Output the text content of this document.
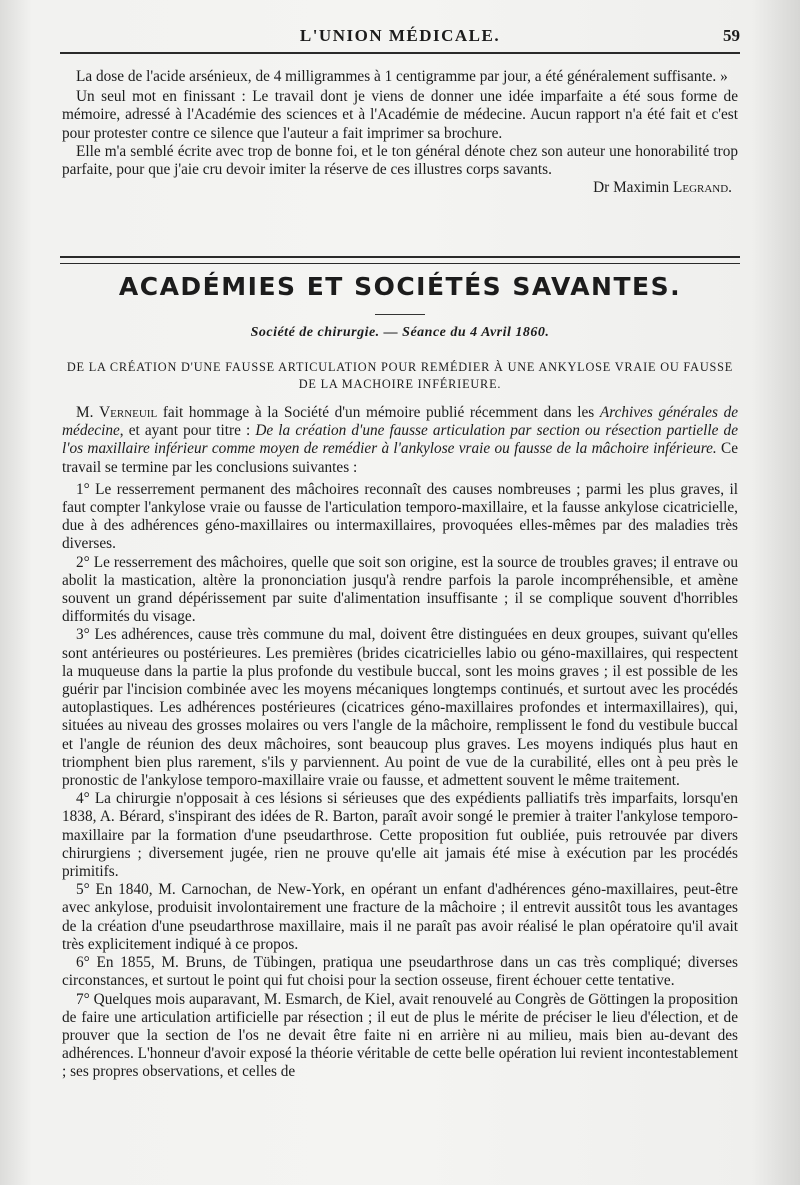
L'UNION MÉDICALE.	59

La dose de l'acide arsénieux, de 4 milligrammes à 1 centigramme par jour, a été généralement suffisante. »

Un seul mot en finissant : Le travail dont je viens de donner une idée imparfaite a été sous forme de mémoire, adressé à l'Académie des sciences et à l'Académie de médecine. Aucun rapport n'a été fait et c'est pour protester contre ce silence que l'auteur a fait imprimer sa brochure.

Elle m'a semblé écrite avec trop de bonne foi, et le ton général dénote chez son auteur une honorabilité trop parfaite, pour que j'aie cru devoir imiter la réserve de ces illustres corps savants.

Dr Maximin Legrand.

ACADÉMIES ET SOCIÉTÉS SAVANTES.

Société de chirurgie. — Séance du 4 Avril 1860.

DE LA CRÉATION D'UNE FAUSSE ARTICULATION POUR REMÉDIER À UNE ANKYLOSE VRAIE OU FAUSSE DE LA MACHOIRE INFÉRIEURE.

M. Verneuil fait hommage à la Société d'un mémoire publié récemment dans les Archives générales de médecine, et ayant pour titre : De la création d'une fausse articulation par section ou résection partielle de l'os maxillaire inférieur comme moyen de remédier à l'ankylose vraie ou fausse de la mâchoire inférieure. Ce travail se termine par les conclusions suivantes :

1° Le resserrement permanent des mâchoires reconnaît des causes nombreuses ; parmi les plus graves, il faut compter l'ankylose vraie ou fausse de l'articulation temporo-maxillaire, et la fausse ankylose cicatricielle, due à des adhérences géno-maxillaires ou intermaxillaires, provoquées elles-mêmes par des maladies très diverses.

2° Le resserrement des mâchoires, quelle que soit son origine, est la source de troubles graves; il entrave ou abolit la mastication, altère la prononciation jusqu'à rendre parfois la parole incompréhensible, et amène souvent un grand dépérissement par suite d'alimentation insuffisante ; il se complique souvent d'horribles difformités du visage.

3° Les adhérences, cause très commune du mal, doivent être distinguées en deux groupes, suivant qu'elles sont antérieures ou postérieures. Les premières (brides cicatricielles labio ou géno-maxillaires, qui respectent la muqueuse dans la partie la plus profonde du vestibule buccal, sont les moins graves ; il est possible de les guérir par l'incision combinée avec les moyens mécaniques longtemps continués, et surtout avec les procédés autoplastiques. Les adhérences postérieures (cicatrices géno-maxillaires profondes et intermaxillaires), qui, situées au niveau des grosses molaires ou vers l'angle de la mâchoire, remplissent le fond du vestibule buccal et l'angle de réunion des deux mâchoires, sont beaucoup plus graves. Les moyens indiqués plus haut en triomphent bien plus rarement, s'ils y parviennent. Au point de vue de la curabilité, elles ont à peu près le pronostic de l'ankylose temporo-maxillaire vraie ou fausse, et admettent souvent le même traitement.

4° La chirurgie n'opposait à ces lésions si sérieuses que des expédients palliatifs très imparfaits, lorsqu'en 1838, A. Bérard, s'inspirant des idées de R. Barton, paraît avoir songé le premier à traiter l'ankylose temporo-maxillaire par la formation d'une pseudarthrose. Cette proposition fut oubliée, puis retrouvée par divers chirurgiens ; diversement jugée, rien ne prouve qu'elle ait jamais été mise à exécution par les procédés primitifs.

5° En 1840, M. Carnochan, de New-York, en opérant un enfant d'adhérences géno-maxillaires, peut-être avec ankylose, produisit involontairement une fracture de la mâchoire ; il entrevit aussitôt tous les avantages de la création d'une pseudarthrose maxillaire, mais il ne paraît pas avoir réalisé le plan opératoire qu'il avait très explicitement indiqué à ce propos.

6° En 1855, M. Bruns, de Tübingen, pratiqua une pseudarthrose dans un cas très compliqué; diverses circonstances, et surtout le point qui fut choisi pour la section osseuse, firent échouer cette tentative.

7° Quelques mois auparavant, M. Esmarch, de Kiel, avait renouvelé au Congrès de Göttingen la proposition de faire une articulation artificielle par résection ; il eut de plus le mérite de préciser le lieu d'élection, et de prouver que la section de l'os ne devait être faite ni en arrière ni au milieu, mais bien au-devant des adhérences. L'honneur d'avoir exposé la théorie véritable de cette belle opération lui revient incontestablement ; ses propres observations, et celles de
